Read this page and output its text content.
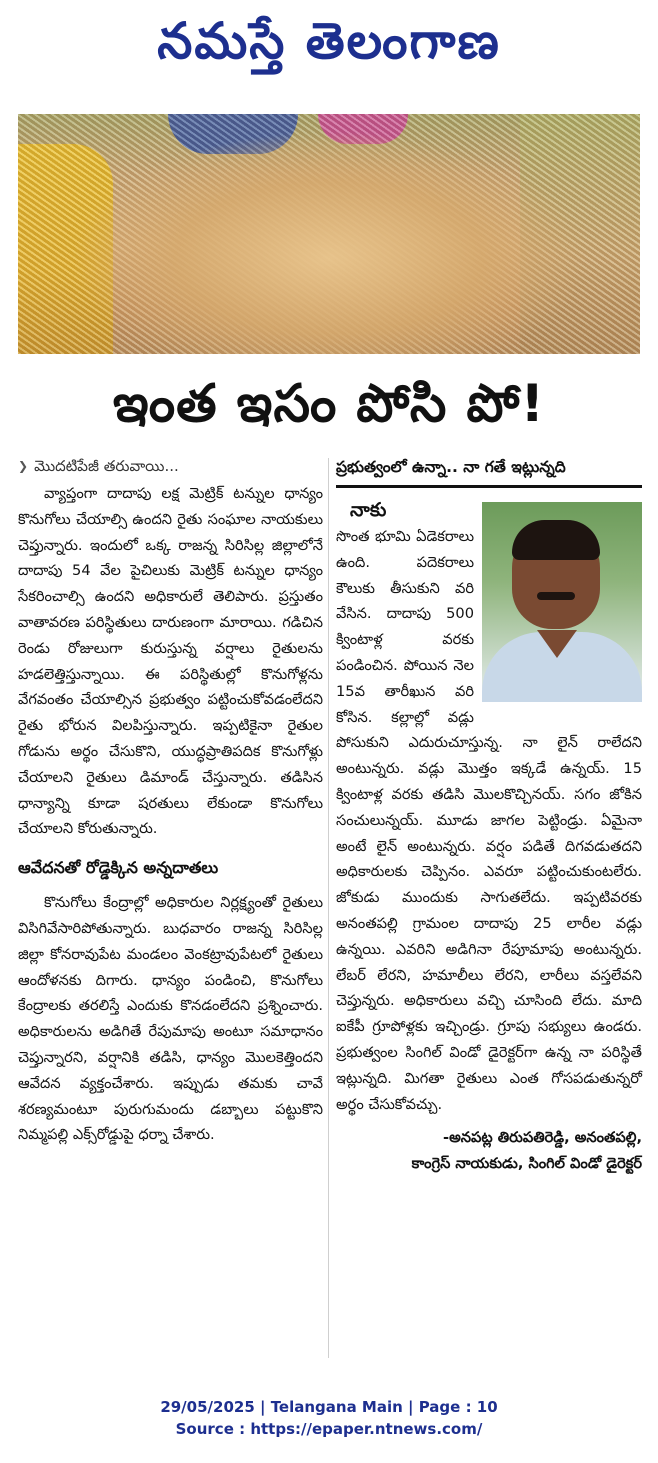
నమస్తే తెలంగాణ
ఇంత ఇసం పోసి పో!
❯ మొదటిపేజీ తరువాయి...

వ్యాప్తంగా దాదాపు లక్ష మెట్రిక్ టన్నుల ధాన్యం కొనుగోలు చేయాల్సి ఉందని రైతు సంఘాల నాయకులు చెప్తున్నారు. ఇందులో ఒక్క రాజన్న సిరిసిల్ల జిల్లాలోనే దాదాపు 54 వేల పైచిలుకు మెట్రిక్ టన్నుల ధాన్యం సేకరించాల్సి ఉందని అధికారులే తెలిపారు. ప్రస్తుతం వాతావరణ పరిస్థితులు దారుణంగా మారాయి. గడిచిన రెండు రోజులుగా కురుస్తున్న వర్షాలు రైతులను హడలెత్తిస్తున్నాయి. ఈ పరిస్థితుల్లో కొనుగోళ్లను వేగవంతం చేయాల్సిన ప్రభుత్వం పట్టించుకోవడంలేదని రైతు భోరున విలపిస్తున్నారు. ఇప్పటికైనా రైతుల గోడును అర్థం చేసుకొని, యుద్ధప్రాతిపదిక కొనుగోళ్లు చేయాలని రైతులు డిమాండ్ చేస్తున్నారు. తడిసిన ధాన్యాన్ని కూడా షరతులు లేకుండా కొనుగోలు చేయాలని కోరుతున్నారు.

ఆవేదనతో రోడ్డెక్కిన అన్నదాతలు

కొనుగోలు కేంద్రాల్లో అధికారుల నిర్లక్ష్యంతో రైతులు విసిగివేసారిపోతున్నారు. బుధవారం రాజన్న సిరిసిల్ల జిల్లా కోనరావుపేట మండలం వెంకట్రావుపేటలో రైతులు ఆందోళనకు దిగారు. ధాన్యం పండించి, కొనుగోలు కేంద్రాలకు తరలిస్తే ఎందుకు కొనడంలేదని ప్రశ్నించారు. అధికారులను అడిగితే రేపుమాపు అంటూ సమాధానం చెప్తున్నారని, వర్షానికి తడిసి, ధాన్యం మొలకెత్తిందని ఆవేదన వ్యక్తంచేశారు. ఇప్పుడు తమకు చావే శరణ్యమంటూ పురుగుమందు డబ్బాలు పట్టుకొని నిమ్మపల్లి ఎక్స్‌రోడ్డుపై ధర్నా చేశారు.

ప్రభుత్వంలో ఉన్నా.. నా గతే ఇట్లున్నది
నాకు

సొంత భూమి ఏడెకరాలు ఉంది. పదెకరాలు కౌలుకు తీసుకుని వరి వేసిన. దాదాపు 500 క్వింటాళ్ల వరకు పండించిన. పోయిన నెల 15వ తారీఖున వరి కోసిన. కల్లాల్లో వడ్లు పోసుకుని ఎదురుచూస్తున్న. నా లైన్ రాలేదని అంటున్నరు. వడ్లు మొత్తం ఇక్కడే ఉన్నయ్. 15 క్వింటాళ్ల వరకు తడిసి మొలకొచ్చినయ్. సగం జోకిన సంచులున్నయ్. మూడు జాగల పెట్టిండ్రు. ఏమైనా అంటే లైన్ అంటున్నరు. వర్షం పడితే దిగవడుతదని అధికారులకు చెప్పినం. ఎవరూ పట్టించుకుంటలేరు. జోకుడు ముందుకు సాగుతలేదు. ఇప్పటివరకు అనంతపల్లి గ్రామంల దాదాపు 25 లారీల వడ్లు ఉన్నయి. ఎవరిని అడిగినా రేపూమాపు అంటున్నరు. లేబర్ లేరని, హమాలీలు లేరని, లారీలు వస్తలేవని చెప్తున్నరు. అధికారులు వచ్చి చూసింది లేదు. మాది ఐకేపీ గ్రూపోళ్లకు ఇచ్చిండ్రు. గ్రూపు సభ్యులు ఉండరు. ప్రభుత్వంల సింగిల్ విండో డైరెక్టర్‌గా ఉన్న నా పరిస్థితే ఇట్లున్నది. మిగతా రైతులు ఎంత గోసపడుతున్నరో అర్థం చేసుకోవచ్చు.

-అనపట్ల తిరుపతిరెడ్డి, అనంతపల్లి,
కాంగ్రెస్ నాయకుడు, సింగిల్ విండో డైరెక్టర్
29/05/2025 | Telangana Main | Page : 10
Source : https://epaper.ntnews.com/
